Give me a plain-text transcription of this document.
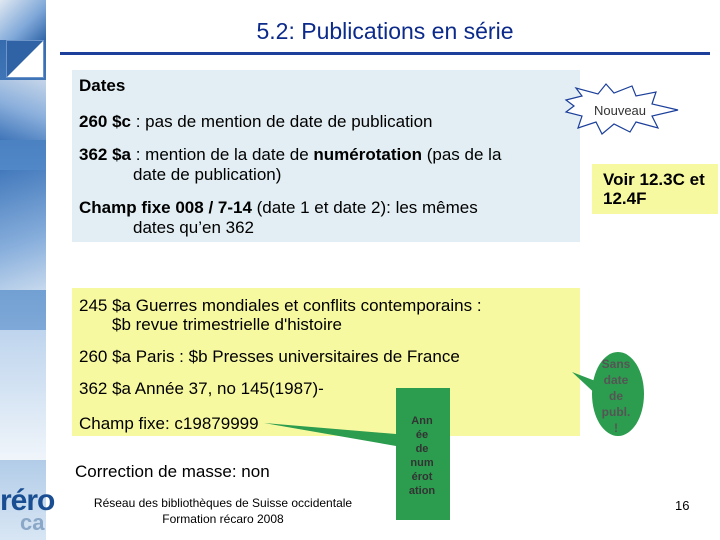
5.2: Publications en série
Dates
260 $c : pas de mention de date de publication
362 $a : mention de la date de numérotation (pas de la
date de publication)
Champ fixe 008 / 7-14 (date 1 et date 2): les mêmes
dates qu’en 362
245 $a Guerres mondiales et conflits contemporains :
$b revue trimestrielle d'histoire
260 $a Paris : $b Presses universitaires de France
362 $a Année 37, no 145(1987)-
Champ fixe: c19879999
Correction de masse: non
Voir 12.3C et
12.4F
Nouveau
Ann
ée
de
num
érot
ation
Sans
date
de
publ.
!
réro
ca
Réseau des bibliothèques de Suisse occidentale
Formation récaro 2008
16
